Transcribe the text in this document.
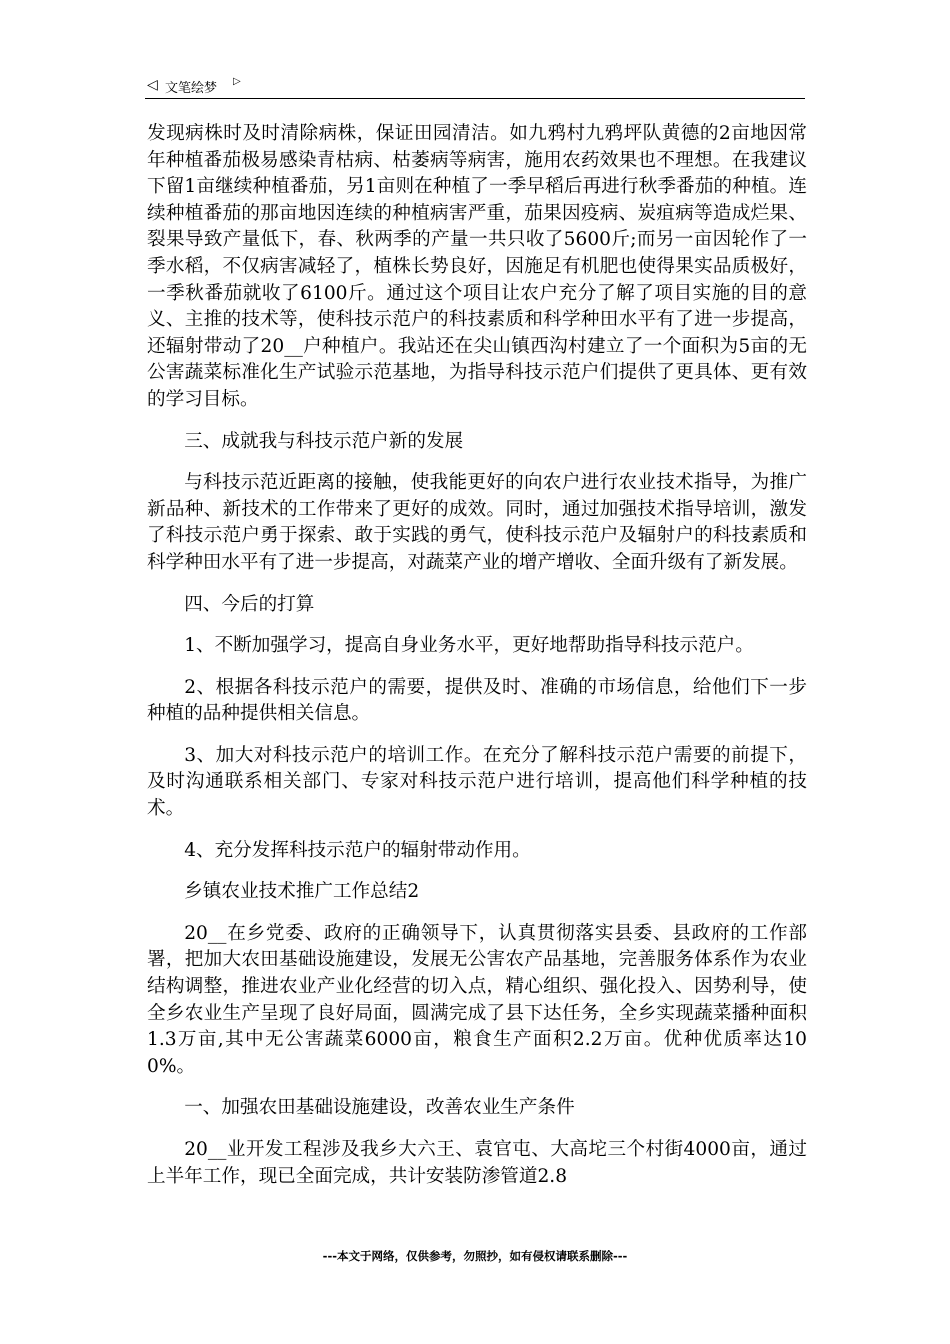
◁ 文笔绘梦 ▷

发现病株时及时清除病株，保证田园清洁。如九鸦村九鸦坪队黄德的2亩地因常年种植番茄极易感染青枯病、枯萎病等病害，施用农药效果也不理想。在我建议下留1亩继续种植番茄，另1亩则在种植了一季早稻后再进行秋季番茄的种植。连续种植番茄的那亩地因连续的种植病害严重，茄果因疫病、炭疽病等造成烂果、裂果导致产量低下，春、秋两季的产量一共只收了5600斤;而另一亩因轮作了一季水稻，不仅病害减轻了，植株长势良好，因施足有机肥也使得果实品质极好，一季秋番茄就收了6100斤。通过这个项目让农户充分了解了项目实施的目的意义、主推的技术等，使科技示范户的科技素质和科学种田水平有了进一步提高，还辐射带动了20__户种植户。我站还在尖山镇西沟村建立了一个面积为5亩的无公害蔬菜标准化生产试验示范基地，为指导科技示范户们提供了更具体、更有效的学习目标。

三、成就我与科技示范户新的发展

与科技示范近距离的接触，使我能更好的向农户进行农业技术指导，为推广新品种、新技术的工作带来了更好的成效。同时，通过加强技术指导培训，激发了科技示范户勇于探索、敢于实践的勇气，使科技示范户及辐射户的科技素质和科学种田水平有了进一步提高，对蔬菜产业的增产增收、全面升级有了新发展。

四、今后的打算

1、不断加强学习，提高自身业务水平，更好地帮助指导科技示范户。

2、根据各科技示范户的需要，提供及时、准确的市场信息，给他们下一步种植的品种提供相关信息。

3、加大对科技示范户的培训工作。在充分了解科技示范户需要的前提下，及时沟通联系相关部门、专家对科技示范户进行培训，提高他们科学种植的技术。

4、充分发挥科技示范户的辐射带动作用。

乡镇农业技术推广工作总结2

20__在乡党委、政府的正确领导下，认真贯彻落实县委、县政府的工作部署，把加大农田基础设施建设，发展无公害农产品基地，完善服务体系作为农业结构调整，推进农业产业化经营的切入点，精心组织、强化投入、因势利导，使全乡农业生产呈现了良好局面，圆满完成了县下达任务，全乡实现蔬菜播种面积1.3万亩,其中无公害蔬菜6000亩，粮食生产面积2.2万亩。优种优质率达100%。

一、加强农田基础设施建设，改善农业生产条件

20__业开发工程涉及我乡大六王、袁官屯、大高坨三个村街4000亩，通过上半年工作，现已全面完成，共计安装防渗管道2.8

---本文于网络，仅供参考，勿照抄，如有侵权请联系删除---
